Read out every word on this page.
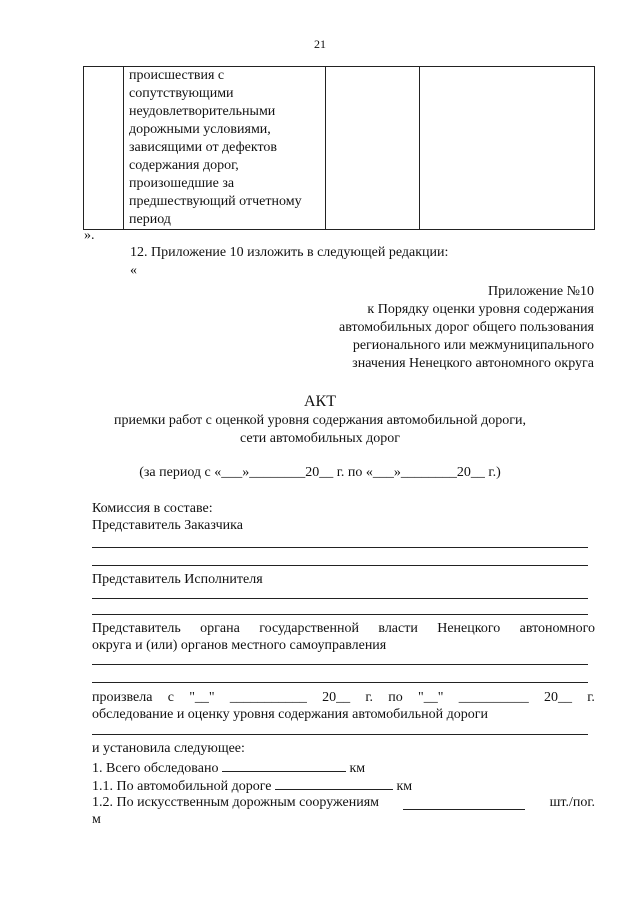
21

происшествия с
сопутствующими
неудовлетворительными
дорожными условиями,
зависящими от дефектов
содержания дорог,
произошедшие за
предшествующий отчетному
период

».
12. Приложение 10 изложить в следующей редакции:
«
Приложение №10
к Порядку оценки уровня содержания
автомобильных дорог общего пользования
регионального или межмуниципального
значения Ненецкого автономного округа
АКТ
приемки работ с оценкой уровня содержания автомобильной дороги,
сети автомобильных дорог
(за период с «___»________20__ г. по «___»________20__ г.)
Комиссия в составе:
Представитель Заказчика
Представитель Исполнителя
Представитель органа государственной власти Ненецкого автономного
округа и (или) органов местного самоуправления
произвела с "__" ___________ 20__ г. по "__" __________ 20__ г.
обследование и оценку уровня содержания автомобильной дороги
и установила следующее:
1. Всего обследовано	км
1.1. По автомобильной дороге	км
1.2. По искусственным дорожным сооружениям	шт./пог.
м
